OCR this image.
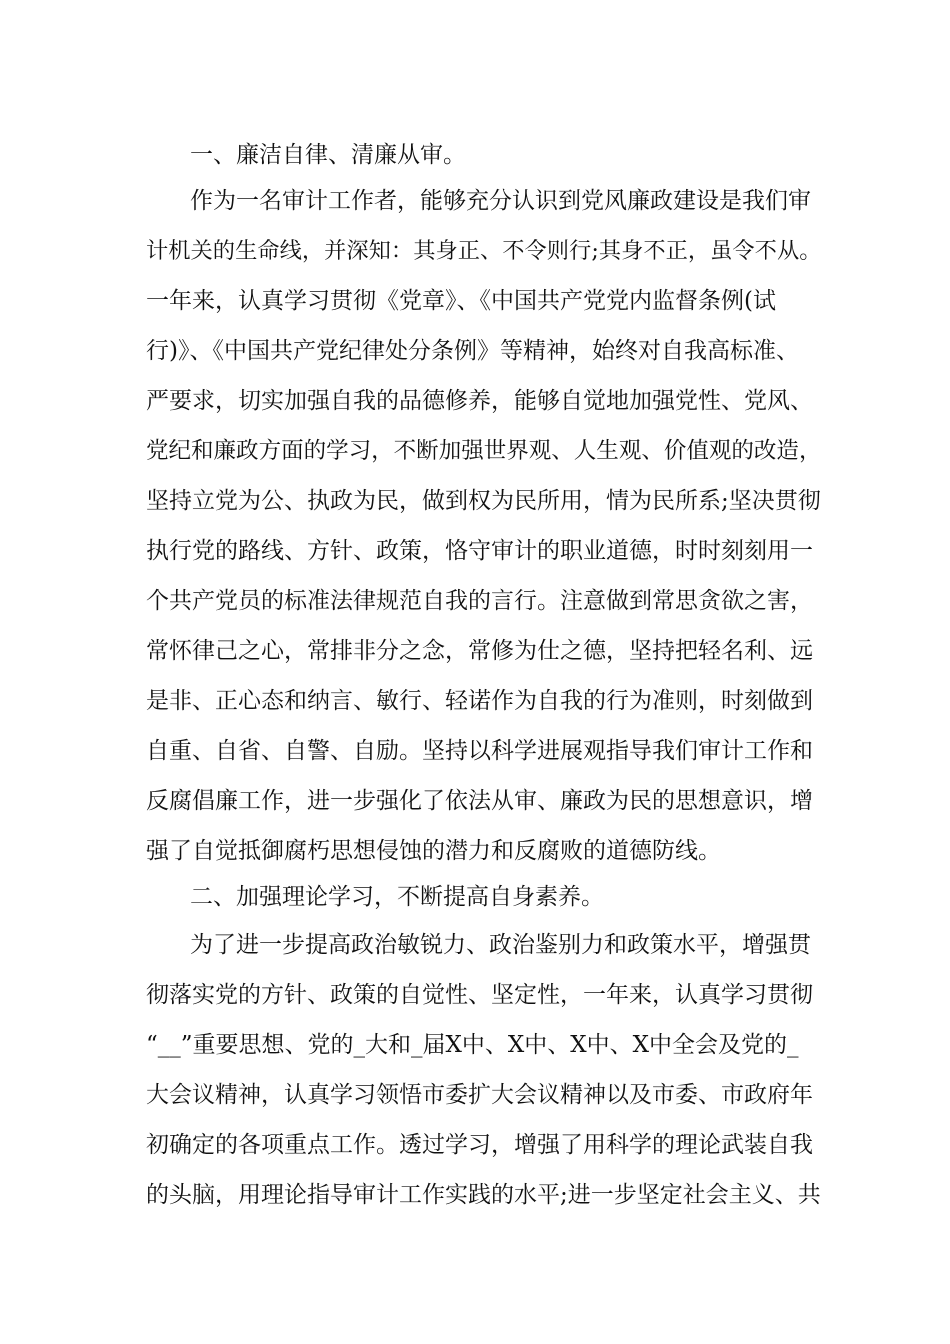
一、廉洁自律、清廉从审。
作为一名审计工作者，能够充分认识到党风廉政建设是我们审
计机关的生命线，并深知：其身正、不令则行;其身不正，虽令不从。
一年来，认真学习贯彻《党章》、《中国共产党党内监督条例(试
行)》、《中国共产党纪律处分条例》等精神，始终对自我高标准、
严要求，切实加强自我的品德修养，能够自觉地加强党性、党风、
党纪和廉政方面的学习，不断加强世界观、人生观、价值观的改造，
坚持立党为公、执政为民，做到权为民所用，情为民所系;坚决贯彻
执行党的路线、方针、政策，恪守审计的职业道德，时时刻刻用一
个共产党员的标准法律规范自我的言行。注意做到常思贪欲之害，
常怀律己之心，常排非分之念，常修为仕之德，坚持把轻名利、远
是非、正心态和纳言、敏行、轻诺作为自我的行为准则，时刻做到
自重、自省、自警、自励。坚持以科学进展观指导我们审计工作和
反腐倡廉工作，进一步强化了依法从审、廉政为民的思想意识，增
强了自觉抵御腐朽思想侵蚀的潜力和反腐败的道德防线。
二、加强理论学习，不断提高自身素养。
为了进一步提高政治敏锐力、政治鉴别力和政策水平，增强贯
彻落实党的方针、政策的自觉性、坚定性，一年来，认真学习贯彻
“__”重要思想、党的_大和_届X中、X中、X中、X中全会及党的_
大会议精神，认真学习领悟市委扩大会议精神以及市委、市政府年
初确定的各项重点工作。透过学习，增强了用科学的理论武装自我
的头脑，用理论指导审计工作实践的水平;进一步坚定社会主义、共
